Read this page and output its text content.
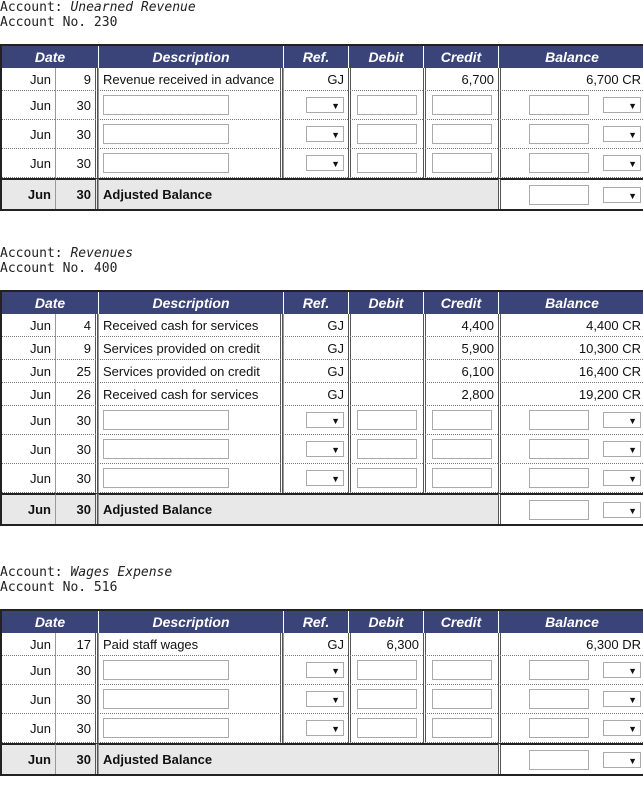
Account: Unearned Revenue
Account No. 230
Date		Description	Ref.	Debit	Credit	Balance
Jun	9	Revenue received in advance	GJ		6,700	6,700 CR
Jun	30		▼			▼

Jun	30		▼			▼

Jun	30		▼			▼

Jun	30	Adjusted Balance				▼
Account: Revenues
Account No. 400
Date		Description	Ref.	Debit	Credit	Balance
Jun	4	Received cash for services	GJ		4,400	4,400 CR
Jun	9	Services provided on credit	GJ		5,900	10,300 CR
Jun	25	Services provided on credit	GJ		6,100	16,400 CR
Jun	26	Received cash for services	GJ		2,800	19,200 CR
Jun	30		▼			▼

Jun	30		▼			▼

Jun	30		▼			▼

Jun	30	Adjusted Balance				▼
Account: Wages Expense
Account No. 516
Date		Description	Ref.	Debit	Credit	Balance
Jun	17	Paid staff wages	GJ	6,300		6,300 DR
Jun	30		▼			▼

Jun	30		▼			▼

Jun	30		▼			▼

Jun	30	Adjusted Balance				▼
